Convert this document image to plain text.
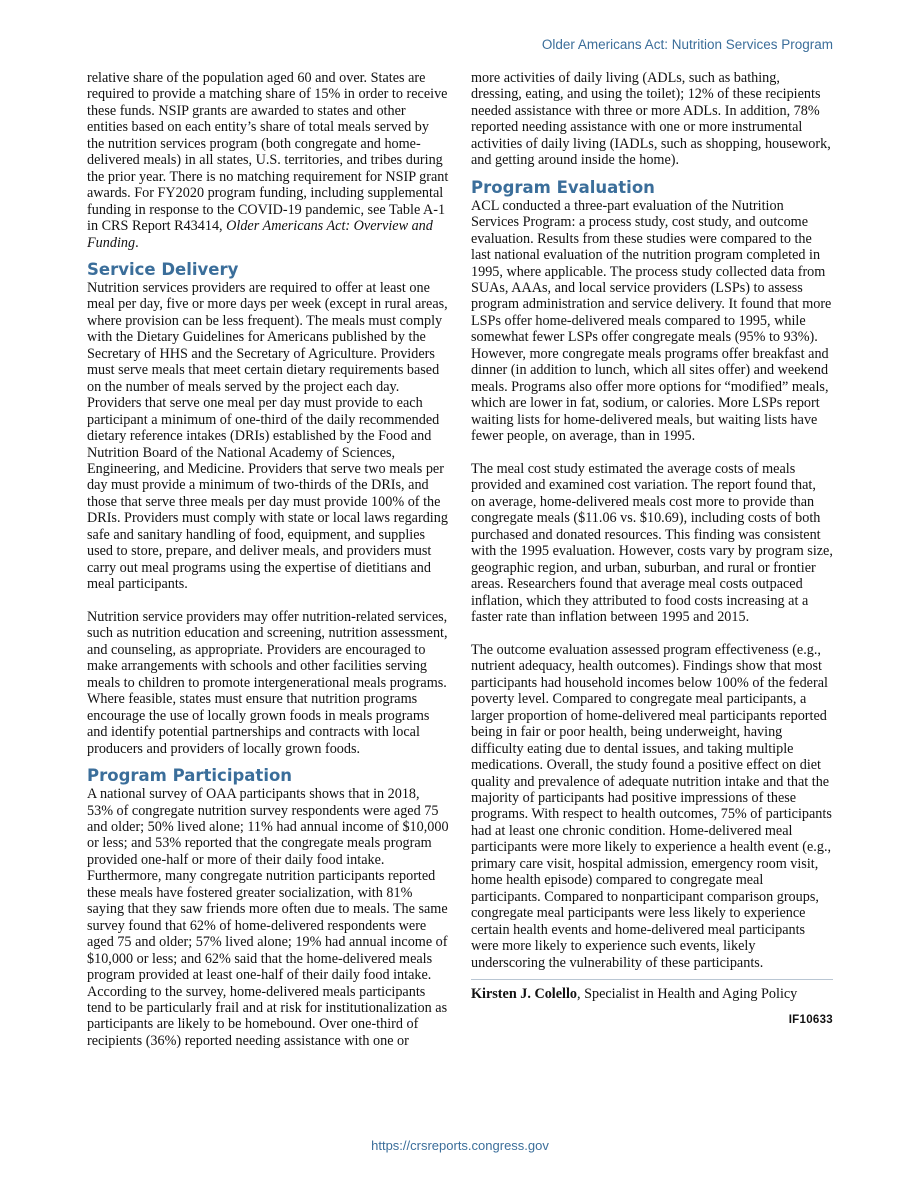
Older Americans Act: Nutrition Services Program

relative share of the population aged 60 and over. States are required to provide a matching share of 15% in order to receive these funds. NSIP grants are awarded to states and other entities based on each entity’s share of total meals served by the nutrition services program (both congregate and home-delivered meals) in all states, U.S. territories, and tribes during the prior year. There is no matching requirement for NSIP grant awards. For FY2020 program funding, including supplemental funding in response to the COVID-19 pandemic, see Table A-1 in CRS Report R43414, Older Americans Act: Overview and Funding.

Service Delivery

Nutrition services providers are required to offer at least one meal per day, five or more days per week (except in rural areas, where provision can be less frequent). The meals must comply with the Dietary Guidelines for Americans published by the Secretary of HHS and the Secretary of Agriculture. Providers must serve meals that meet certain dietary requirements based on the number of meals served by the project each day. Providers that serve one meal per day must provide to each participant a minimum of one-third of the daily recommended dietary reference intakes (DRIs) established by the Food and Nutrition Board of the National Academy of Sciences, Engineering, and Medicine. Providers that serve two meals per day must provide a minimum of two-thirds of the DRIs, and those that serve three meals per day must provide 100% of the DRIs. Providers must comply with state or local laws regarding safe and sanitary handling of food, equipment, and supplies used to store, prepare, and deliver meals, and providers must carry out meal programs using the expertise of dietitians and meal participants.

Nutrition service providers may offer nutrition-related services, such as nutrition education and screening, nutrition assessment, and counseling, as appropriate. Providers are encouraged to make arrangements with schools and other facilities serving meals to children to promote intergenerational meals programs. Where feasible, states must ensure that nutrition programs encourage the use of locally grown foods in meals programs and identify potential partnerships and contracts with local producers and providers of locally grown foods.

Program Participation

A national survey of OAA participants shows that in 2018, 53% of congregate nutrition survey respondents were aged 75 and older; 50% lived alone; 11% had annual income of $10,000 or less; and 53% reported that the congregate meals program provided one-half or more of their daily food intake. Furthermore, many congregate nutrition participants reported these meals have fostered greater socialization, with 81% saying that they saw friends more often due to meals. The same survey found that 62% of home-delivered respondents were aged 75 and older; 57% lived alone; 19% had annual income of $10,000 or less; and 62% said that the home-delivered meals program provided at least one-half of their daily food intake. According to the survey, home-delivered meals participants tend to be particularly frail and at risk for institutionalization as participants are likely to be homebound. Over one-third of recipients (36%) reported needing assistance with one or

more activities of daily living (ADLs, such as bathing, dressing, eating, and using the toilet); 12% of these recipients needed assistance with three or more ADLs. In addition, 78% reported needing assistance with one or more instrumental activities of daily living (IADLs, such as shopping, housework, and getting around inside the home).

Program Evaluation

ACL conducted a three-part evaluation of the Nutrition Services Program: a process study, cost study, and outcome evaluation. Results from these studies were compared to the last national evaluation of the nutrition program completed in 1995, where applicable. The process study collected data from SUAs, AAAs, and local service providers (LSPs) to assess program administration and service delivery. It found that more LSPs offer home-delivered meals compared to 1995, while somewhat fewer LSPs offer congregate meals (95% to 93%). However, more congregate meals programs offer breakfast and dinner (in addition to lunch, which all sites offer) and weekend meals. Programs also offer more options for “modified” meals, which are lower in fat, sodium, or calories. More LSPs report waiting lists for home-delivered meals, but waiting lists have fewer people, on average, than in 1995.

The meal cost study estimated the average costs of meals provided and examined cost variation. The report found that, on average, home-delivered meals cost more to provide than congregate meals ($11.06 vs. $10.69), including costs of both purchased and donated resources. This finding was consistent with the 1995 evaluation. However, costs vary by program size, geographic region, and urban, suburban, and rural or frontier areas. Researchers found that average meal costs outpaced inflation, which they attributed to food costs increasing at a faster rate than inflation between 1995 and 2015.

The outcome evaluation assessed program effectiveness (e.g., nutrient adequacy, health outcomes). Findings show that most participants had household incomes below 100% of the federal poverty level. Compared to congregate meal participants, a larger proportion of home-delivered meal participants reported being in fair or poor health, being underweight, having difficulty eating due to dental issues, and taking multiple medications. Overall, the study found a positive effect on diet quality and prevalence of adequate nutrition intake and that the majority of participants had positive impressions of these programs. With respect to health outcomes, 75% of participants had at least one chronic condition. Home-delivered meal participants were more likely to experience a health event (e.g., primary care visit, hospital admission, emergency room visit, home health episode) compared to congregate meal participants. Compared to nonparticipant comparison groups, congregate meal participants were less likely to experience certain health events and home-delivered meal participants were more likely to experience such events, likely underscoring the vulnerability of these participants.

Kirsten J. Colello, Specialist in Health and Aging Policy

IF10633
https://crsreports.congress.gov
